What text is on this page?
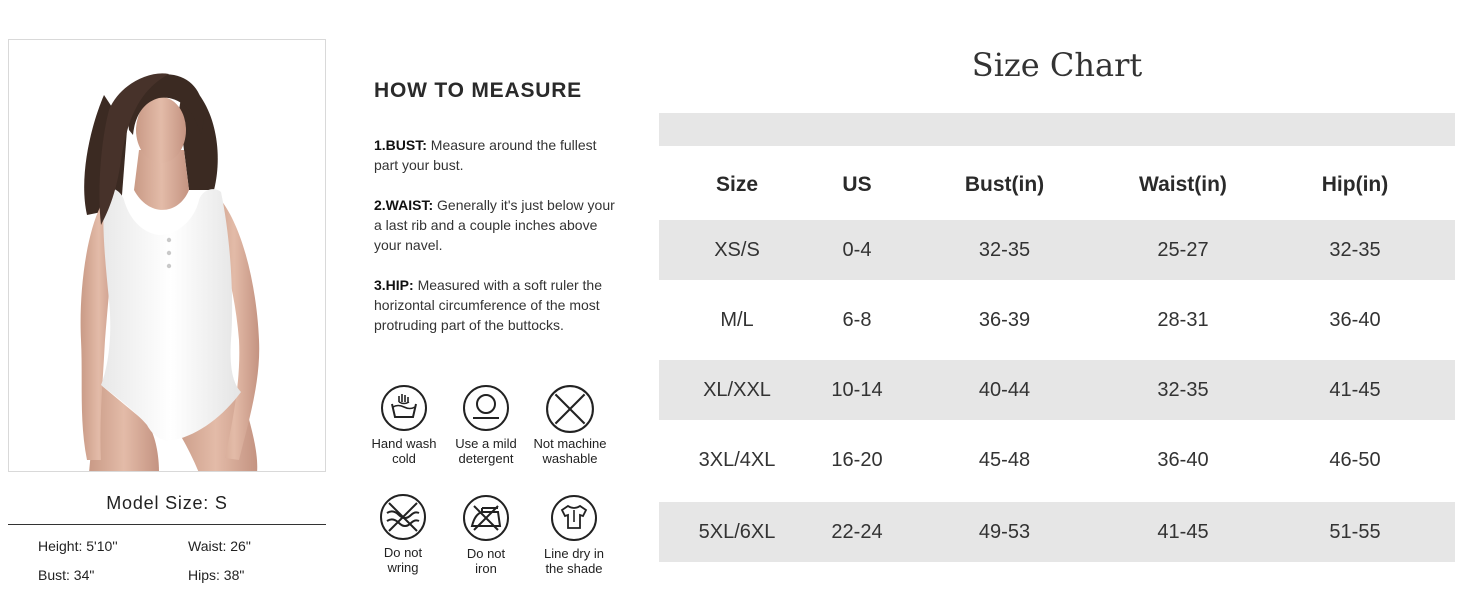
Model Size: S
Height: 5'10''	Waist: 26"
Bust: 34"	Hips: 38"
HOW TO MEASURE
1.BUST: Measure around the fullest part your bust.
2.WAIST: Generally it's just below your a last rib and a couple inches above your navel.
3.HIP: Measured with a soft ruler the horizontal circumference of the most protruding part of the buttocks.
Hand wash
cold
Use a mild
detergent
Not machine
washable
Do not
wring
Do not
iron
Line dry in
the shade
Size Chart
Size	US	Bust(in)	Waist(in)	Hip(in)
XS/S	0-4	32-35	25-27	32-35
M/L	6-8	36-39	28-31	36-40
XL/XXL	10-14	40-44	32-35	41-45
3XL/4XL	16-20	45-48	36-40	46-50
5XL/6XL	22-24	49-53	41-45	51-55
